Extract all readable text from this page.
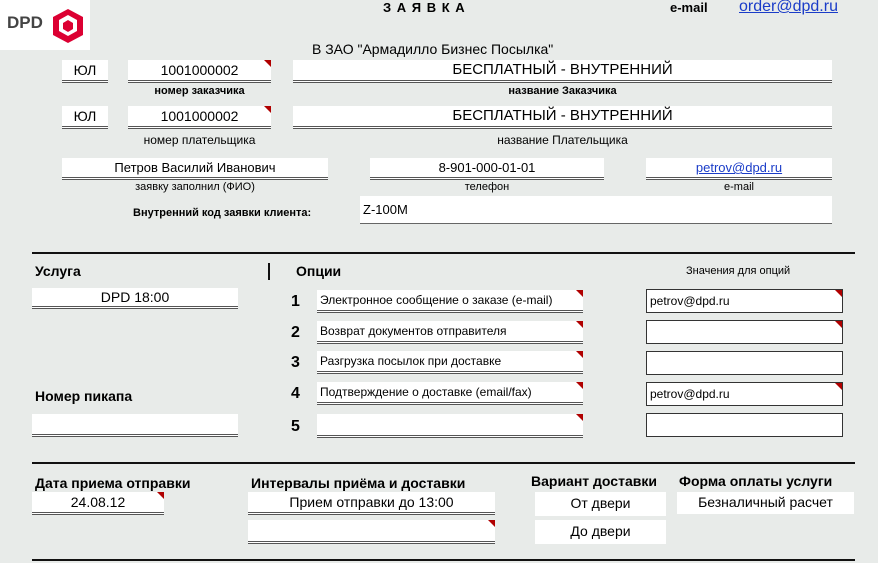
DPD
З А Я В К А	e-mail order@dpd.ru
В ЗАО "Армадилло Бизнес Посылка"
ЮЛ	1001000002
номер заказчика
БЕСПЛАТНЫЙ - ВНУТРЕННИЙ
название Заказчика
ЮЛ	1001000002
номер плательщика
БЕСПЛАТНЫЙ - ВНУТРЕННИЙ
название Плательщика
Петров Василий Иванович
заявку заполнил (ФИО)
8-901-000-01-01
телефон
petrov@dpd.ru
e-mail
Внутренний код заявки клиента:	Z-100M
Услуга	Опции	Значения для опций
DPD 18:00	1 Электронное сообщение о заказе (e-mail)	petrov@dpd.ru
2 Возврат документов отправителя
3 Разгрузка посылок при доставке
4 Подтверждение о доставке (email/fax)	petrov@dpd.ru
5
Номер пикапа
Дата приема отправки
24.08.12
Интервалы приёма и доставки
Прием отправки до 13:00
Вариант доставки
От двери
До двери
Форма оплаты услуги
Безналичный расчет
